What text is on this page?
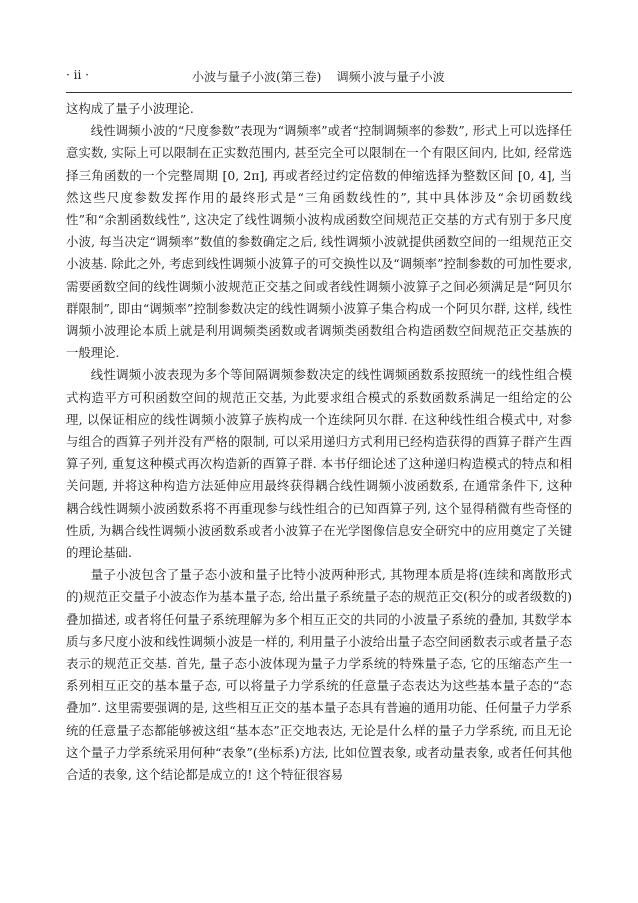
· ii ·	小波与量子小波(第三卷)    调频小波与量子小波

这构成了量子小波理论.

线性调频小波的“尺度参数”表现为“调频率”或者“控制调频率的参数”, 形式上可以选择任意实数, 实际上可以限制在正实数范围内, 甚至完全可以限制在一个有限区间内, 比如, 经常选择三角函数的一个完整周期 [0, 2π], 再或者经过约定倍数的伸缩选择为整数区间 [0, 4], 当然这些尺度参数发挥作用的最终形式是“三角函数线性的”, 其中具体涉及“余切函数线性”和“余割函数线性”, 这决定了线性调频小波构成函数空间规范正交基的方式有别于多尺度小波, 每当决定“调频率”数值的参数确定之后, 线性调频小波就提供函数空间的一组规范正交小波基. 除此之外, 考虑到线性调频小波算子的可交换性以及“调频率”控制参数的可加性要求, 需要函数空间的线性调频小波规范正交基之间或者线性调频小波算子之间必须满足是“阿贝尔群限制”, 即由“调频率”控制参数决定的线性调频小波算子集合构成一个阿贝尔群, 这样, 线性调频小波理论本质上就是利用调频类函数或者调频类函数组合构造函数空间规范正交基族的一般理论.

线性调频小波表现为多个等间隔调频参数决定的线性调频函数系按照统一的线性组合模式构造平方可积函数空间的规范正交基, 为此要求组合模式的系数函数系满足一组给定的公理, 以保证相应的线性调频小波算子族构成一个连续阿贝尔群. 在这种线性组合模式中, 对参与组合的酉算子列并没有严格的限制, 可以采用递归方式利用已经构造获得的酉算子群产生酉算子列, 重复这种模式再次构造新的酉算子群. 本书仔细论述了这种递归构造模式的特点和相关问题, 并将这种构造方法延伸应用最终获得耦合线性调频小波函数系, 在通常条件下, 这种耦合线性调频小波函数系将不再重现参与线性组合的已知酉算子列, 这个显得稍微有些奇怪的性质, 为耦合线性调频小波函数系或者小波算子在光学图像信息安全研究中的应用奠定了关键的理论基础.

量子小波包含了量子态小波和量子比特小波两种形式, 其物理本质是将(连续和离散形式的)规范正交量子小波态作为基本量子态, 给出量子系统量子态的规范正交(积分的或者级数的)叠加描述, 或者将任何量子系统理解为多个相互正交的共同的小波量子系统的叠加, 其数学本质与多尺度小波和线性调频小波是一样的, 利用量子小波给出量子态空间函数表示或者量子态表示的规范正交基. 首先, 量子态小波体现为量子力学系统的特殊量子态, 它的压缩态产生一系列相互正交的基本量子态, 可以将量子力学系统的任意量子态表达为这些基本量子态的“态叠加”. 这里需要强调的是, 这些相互正交的基本量子态具有普遍的通用功能、任何量子力学系统的任意量子态都能够被这组“基本态”正交地表达, 无论是什么样的量子力学系统, 而且无论这个量子力学系统采用何种“表象”(坐标系)方法, 比如位置表象, 或者动量表象, 或者任何其他合适的表象, 这个结论都是成立的! 这个特征很容易
